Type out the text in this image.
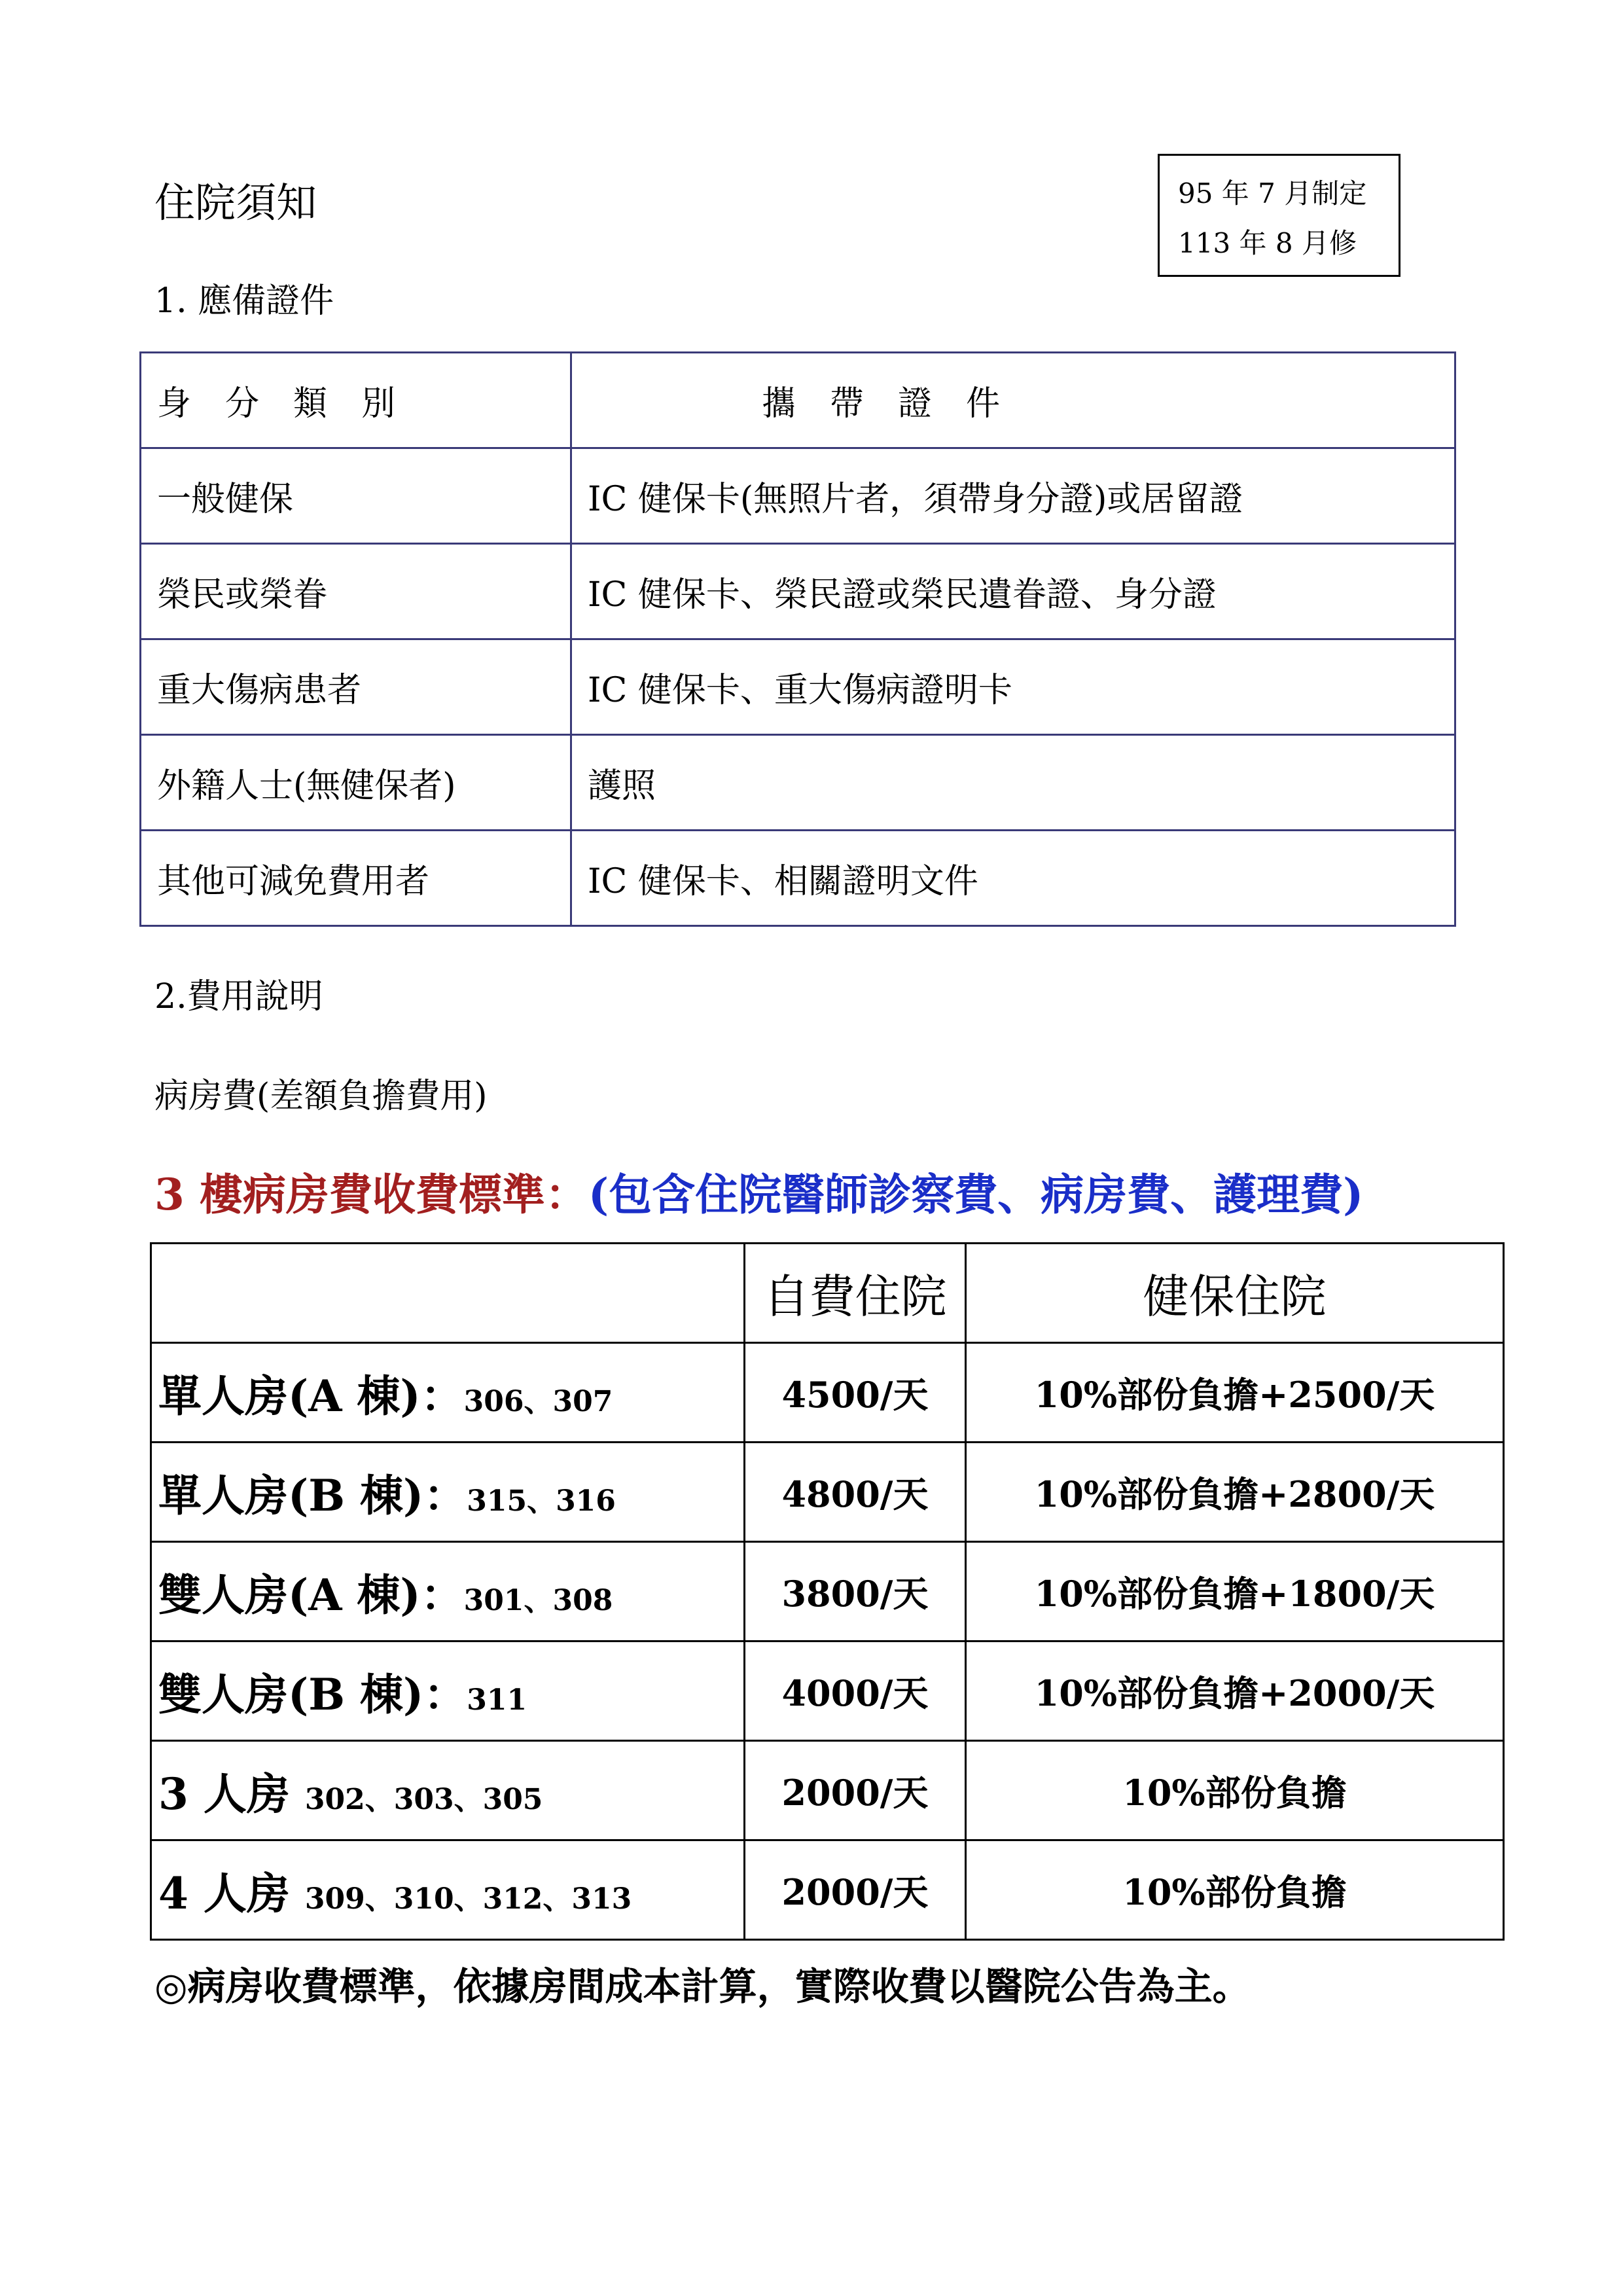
住院須知	95 年 7 月制定
113 年 8 月修
1. 應備證件
身　分　類　別	攜　帶　證　件
一般健保	IC 健保卡(無照片者，須帶身分證)或居留證
榮民或榮眷	IC 健保卡、榮民證或榮民遺眷證、身分證
重大傷病患者	IC 健保卡、重大傷病證明卡
外籍人士(無健保者)	護照
其他可減免費用者	IC 健保卡、相關證明文件
2.費用說明
病房費(差額負擔費用)
3 樓病房費收費標準：(包含住院醫師診察費、病房費、護理費)
	自費住院	健保住院
單人房(A 棟)：306、307	4500/天	10%部份負擔+2500/天
單人房(B 棟)：315、316	4800/天	10%部份負擔+2800/天
雙人房(A 棟)：301、308	3800/天	10%部份負擔+1800/天
雙人房(B 棟)：311	4000/天	10%部份負擔+2000/天
3 人房 302、303、305	2000/天	10%部份負擔
4 人房 309、310、312、313	2000/天	10%部份負擔
◎病房收費標準，依據房間成本計算，實際收費以醫院公告為主。
